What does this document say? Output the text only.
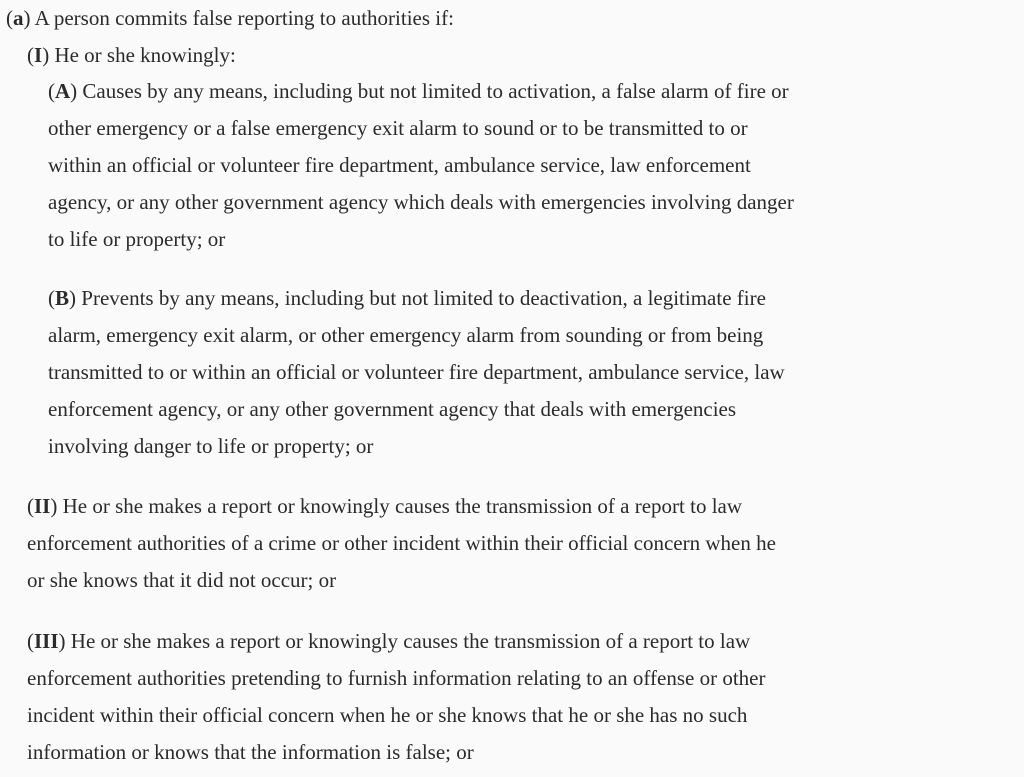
(a) A person commits false reporting to authorities if:
(I) He or she knowingly:
(A) Causes by any means, including but not limited to activation, a false alarm of fire or
other emergency or a false emergency exit alarm to sound or to be transmitted to or
within an official or volunteer fire department, ambulance service, law enforcement
agency, or any other government agency which deals with emergencies involving danger
to life or property; or
(B) Prevents by any means, including but not limited to deactivation, a legitimate fire
alarm, emergency exit alarm, or other emergency alarm from sounding or from being
transmitted to or within an official or volunteer fire department, ambulance service, law
enforcement agency, or any other government agency that deals with emergencies
involving danger to life or property; or
(II) He or she makes a report or knowingly causes the transmission of a report to law
enforcement authorities of a crime or other incident within their official concern when he
or she knows that it did not occur; or
(III) He or she makes a report or knowingly causes the transmission of a report to law
enforcement authorities pretending to furnish information relating to an offense or other
incident within their official concern when he or she knows that he or she has no such
information or knows that the information is false; or
